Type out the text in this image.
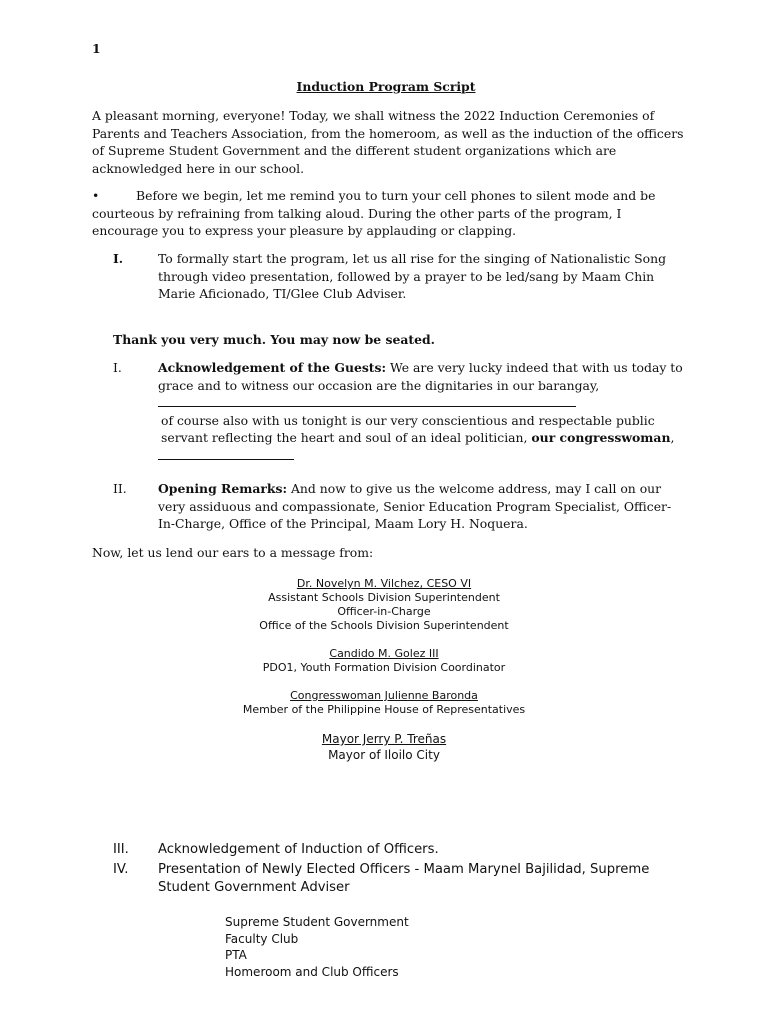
1
Induction Program Script

A pleasant morning, everyone! Today, we shall witness the 2022 Induction Ceremonies of Parents and Teachers Association, from the homeroom, as well as the induction of the officers of Supreme Student Government and the different student organizations which are acknowledged here in our school.

•	Before we begin, let me remind you to turn your cell phones to silent mode and be courteous by refraining from talking aloud. During the other parts of the program, I encourage you to express your pleasure by applauding or clapping.
I.	To formally start the program, let us all rise for the singing of Nationalistic Song through video presentation, followed by a prayer to be led/sang by Maam Chin Marie Aficionado, TI/Glee Club Adviser.

Thank you very much. You may now be seated.
I.	Acknowledgement of the Guests: We are very lucky indeed that with us today to grace and to witness our occasion are the dignitaries in our barangay,

of course also with us tonight is our very conscientious and respectable public servant reflecting the heart and soul of an ideal politician, our congresswoman,

II.	Opening Remarks: And now to give us the welcome address, may I call on our very assiduous and compassionate, Senior Education Program Specialist, Officer-In-Charge, Office of the Principal, Maam Lory H. Noquera.

Now, let us lend our ears to a message from:
Dr. Novelyn M. Vilchez, CESO VI
Assistant Schools Division Superintendent
Officer-in-Charge
Office of the Schools Division Superintendent
Candido M. Golez III
PDO1, Youth Formation Division Coordinator
Congresswoman Julienne Baronda
Member of the Philippine House of Representatives
Mayor Jerry P. Treñas
Mayor of Iloilo City
III. Acknowledgement of Induction of Officers.
IV. Presentation of Newly Elected Officers - Maam Marynel Bajilidad, Supreme
Student Government Adviser
Supreme Student Government
Faculty Club
PTA
Homeroom and Club Officers
